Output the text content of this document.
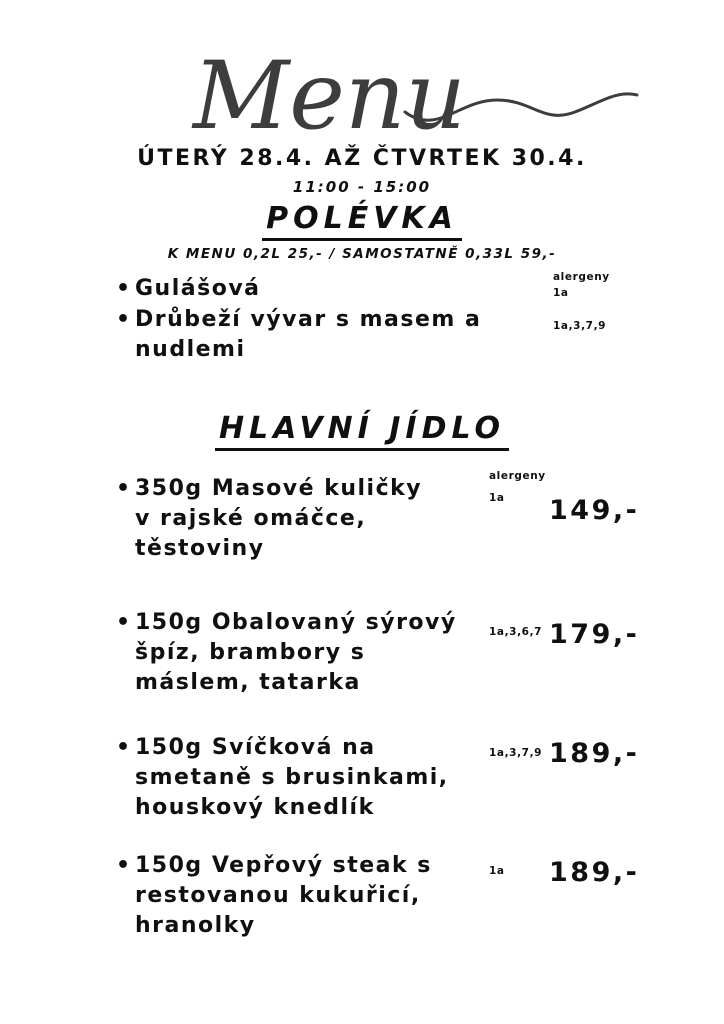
Menu
ÚTERÝ 28.4. AŽ ČTVRTEK 30.4.
11:00 - 15:00
POLÉVKA
K MENU 0,2L 25,- / SAMOSTATNĚ 0,33L 59,-
alergeny
• Gulášová	1a
• Drůbeží vývar s masem a
nudlemi
1a,3,7,9
HLAVNÍ JÍDLO
alergeny
• 350g Masové kuličky
v rajské omáčce,
těstoviny
1a 149,-
• 150g Obalovaný sýrový
špíz, brambory s
máslem, tatarka
1a,3,6,7 179,-
• 150g Svíčková na
smetaně s brusinkami,
houskový knedlík
1a,3,7,9 189,-
• 150g Vepřový steak s
restovanou kukuřicí,
hranolky
1a 189,-
